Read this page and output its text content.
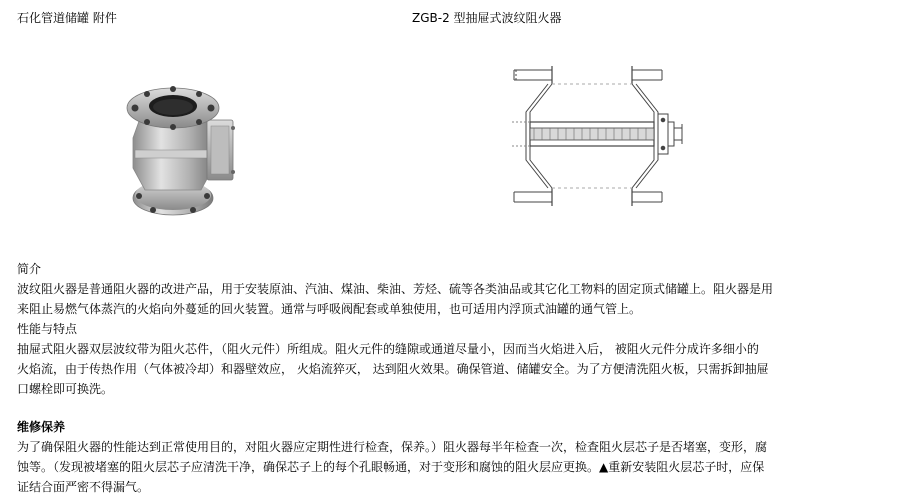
石化管道储罐 附件	ZGB-2 型抽屉式波纹阻火器

简介

波纹阻火器是普通阻火器的改进产品，用于安装原油、汽油、煤油、柴油、芳烃、硫等各类油品或其它化工物料的固定顶式储罐上。阻火器是用

来阻止易燃气体蒸汽的火焰向外蔓延的回火装置。通常与呼吸阀配套或单独使用，也可适用内浮顶式油罐的通气管上。

性能与特点

抽屉式阻火器双层波纹带为阻火芯件，（阻火元件）所组成。阻火元件的缝隙或通道尽量小，因而当火焰进入后， 被阻火元件分成许多细小的

火焰流，由于传热作用（气体被冷却）和器壁效应， 火焰流猝灭， 达到阻火效果。确保管道、储罐安全。为了方便清洗阻火板，只需拆卸抽屉

口螺栓即可换洗。

维修保养

为了确保阻火器的性能达到正常使用目的，对阻火器应定期性进行检查，保养。）阻火器每半年检查一次，检查阻火层芯子是否堵塞，变形，腐

蚀等。（发现被堵塞的阻火层芯子应清洗干净，确保芯子上的每个孔眼畅通，对于变形和腐蚀的阻火层应更换。▲重新安装阻火层芯子时，应保

证结合面严密不得漏气。
